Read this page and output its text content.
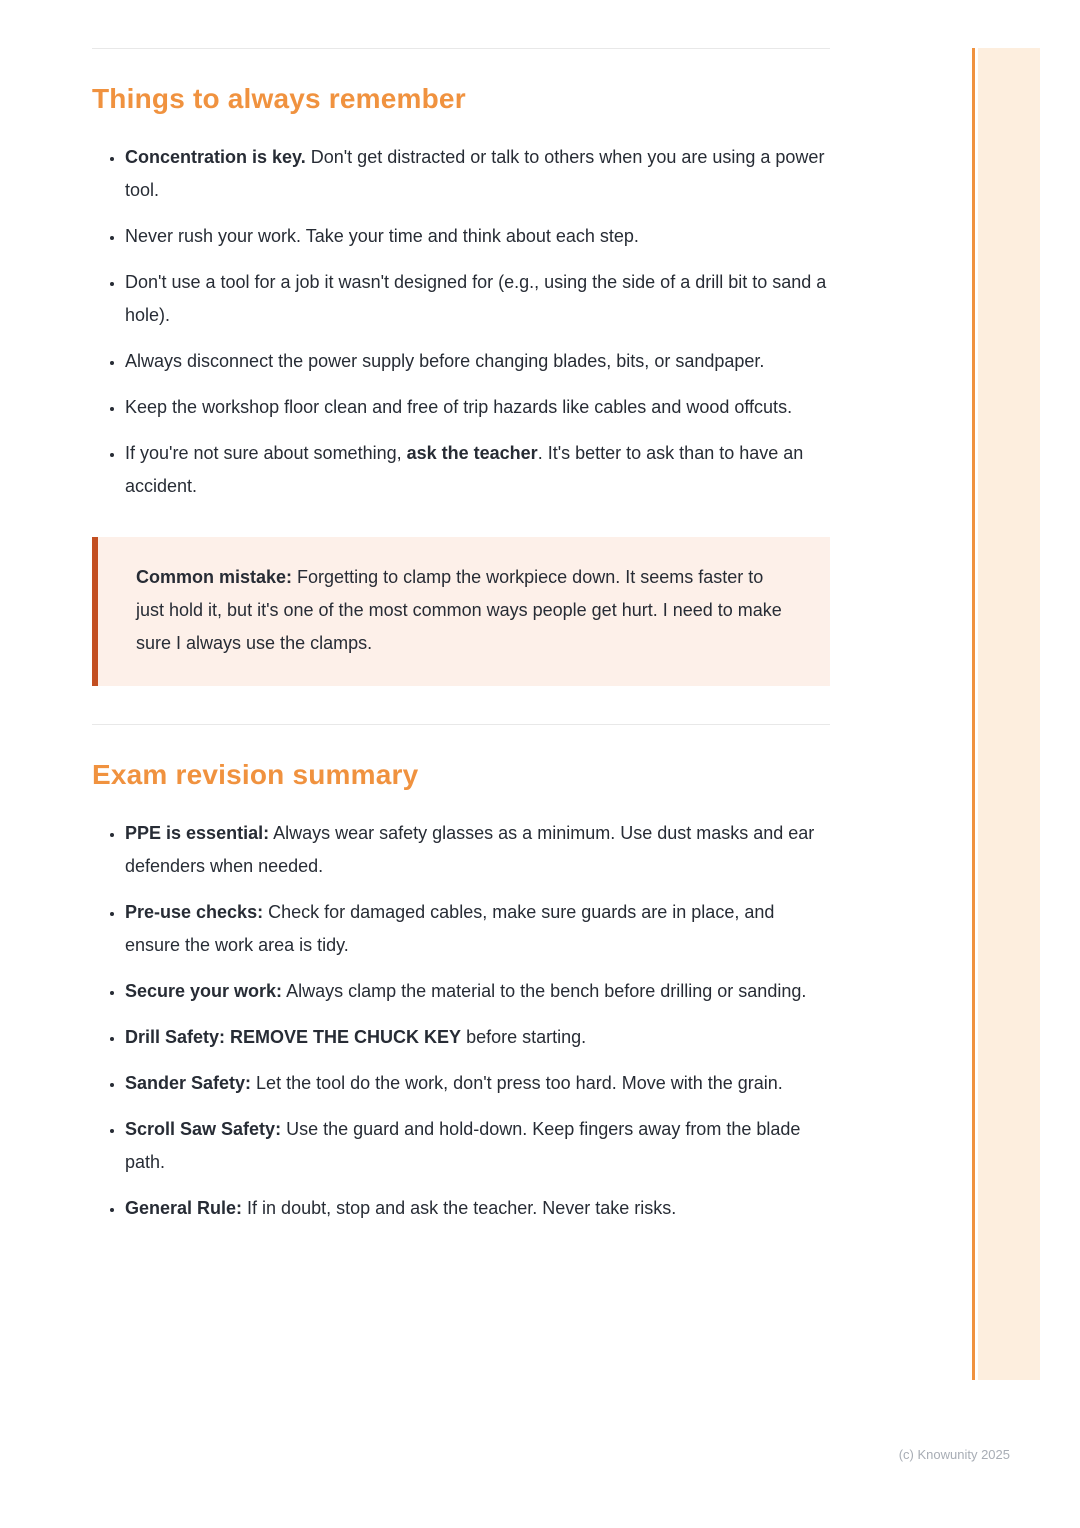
Things to always remember
• Concentration is key. Don't get distracted or talk to others when you are using a power tool.
• Never rush your work. Take your time and think about each step.
• Don't use a tool for a job it wasn't designed for (e.g., using the side of a drill bit to sand a hole).
• Always disconnect the power supply before changing blades, bits, or sandpaper.
• Keep the workshop floor clean and free of trip hazards like cables and wood offcuts.
• If you're not sure about something, ask the teacher. It's better to ask than to have an accident.

Common mistake: Forgetting to clamp the workpiece down. It seems faster to just hold it, but it's one of the most common ways people get hurt. I need to make sure I always use the clamps.

Exam revision summary
• PPE is essential: Always wear safety glasses as a minimum. Use dust masks and ear defenders when needed.
• Pre-use checks: Check for damaged cables, make sure guards are in place, and ensure the work area is tidy.
• Secure your work: Always clamp the material to the bench before drilling or sanding.
• Drill Safety: REMOVE THE CHUCK KEY before starting.
• Sander Safety: Let the tool do the work, don't press too hard. Move with the grain.
• Scroll Saw Safety: Use the guard and hold-down. Keep fingers away from the blade path.
• General Rule: If in doubt, stop and ask the teacher. Never take risks.
(c) Knowunity 2025
